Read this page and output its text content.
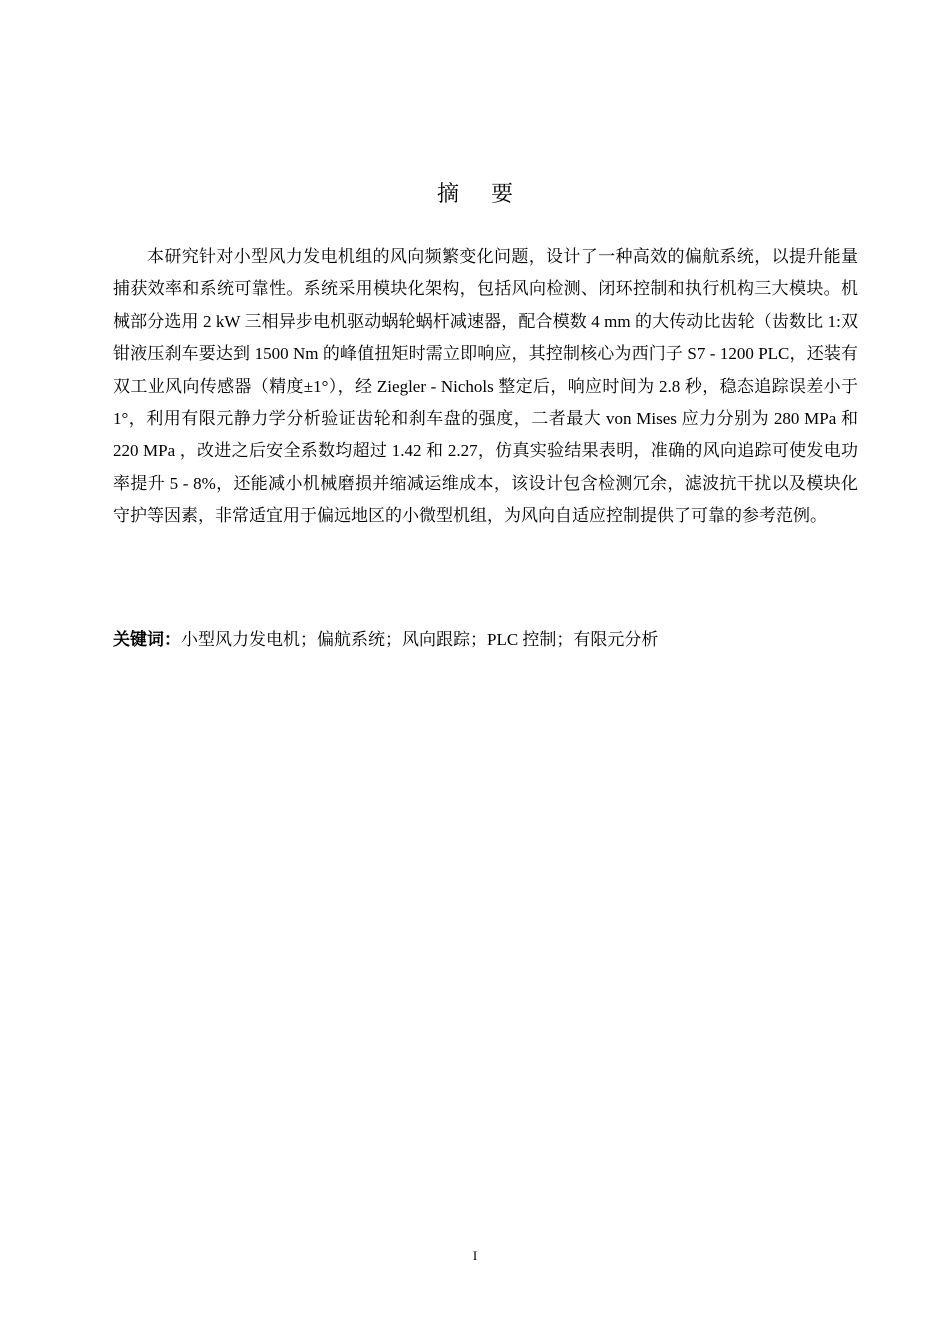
摘 要

本研究针对小型风力发电机组的风向频繁变化问题，设计了一种高效的偏航系统，以提升能量捕获效率和系统可靠性。系统采用模块化架构，包括风向检测、闭环控制和执行机构三大模块。机械部分选用 2 kW 三相异步电机驱动蜗轮蜗杆减速器，配合模数 4 mm 的大传动比齿轮（齿数比 1:双钳液压刹车要达到 1500 Nm 的峰值扭矩时需立即响应，其控制核心为西门子 S7 - 1200 PLC，还装有双工业风向传感器（精度±1°），经 Ziegler - Nichols 整定后，响应时间为 2.8 秒，稳态追踪误差小于 1°，利用有限元静力学分析验证齿轮和刹车盘的强度，二者最大 von Mises 应力分别为 280 MPa 和 220 MPa ，改进之后安全系数均超过 1.42 和 2.27，仿真实验结果表明，准确的风向追踪可使发电功率提升 5 - 8%，还能减小机械磨损并缩减运维成本，该设计包含检测冗余，滤波抗干扰以及模块化守护等因素，非常适宜用于偏远地区的小微型机组，为风向自适应控制提供了可靠的参考范例。

关键词：小型风力发电机；偏航系统；风向跟踪；PLC 控制；有限元分析

I
